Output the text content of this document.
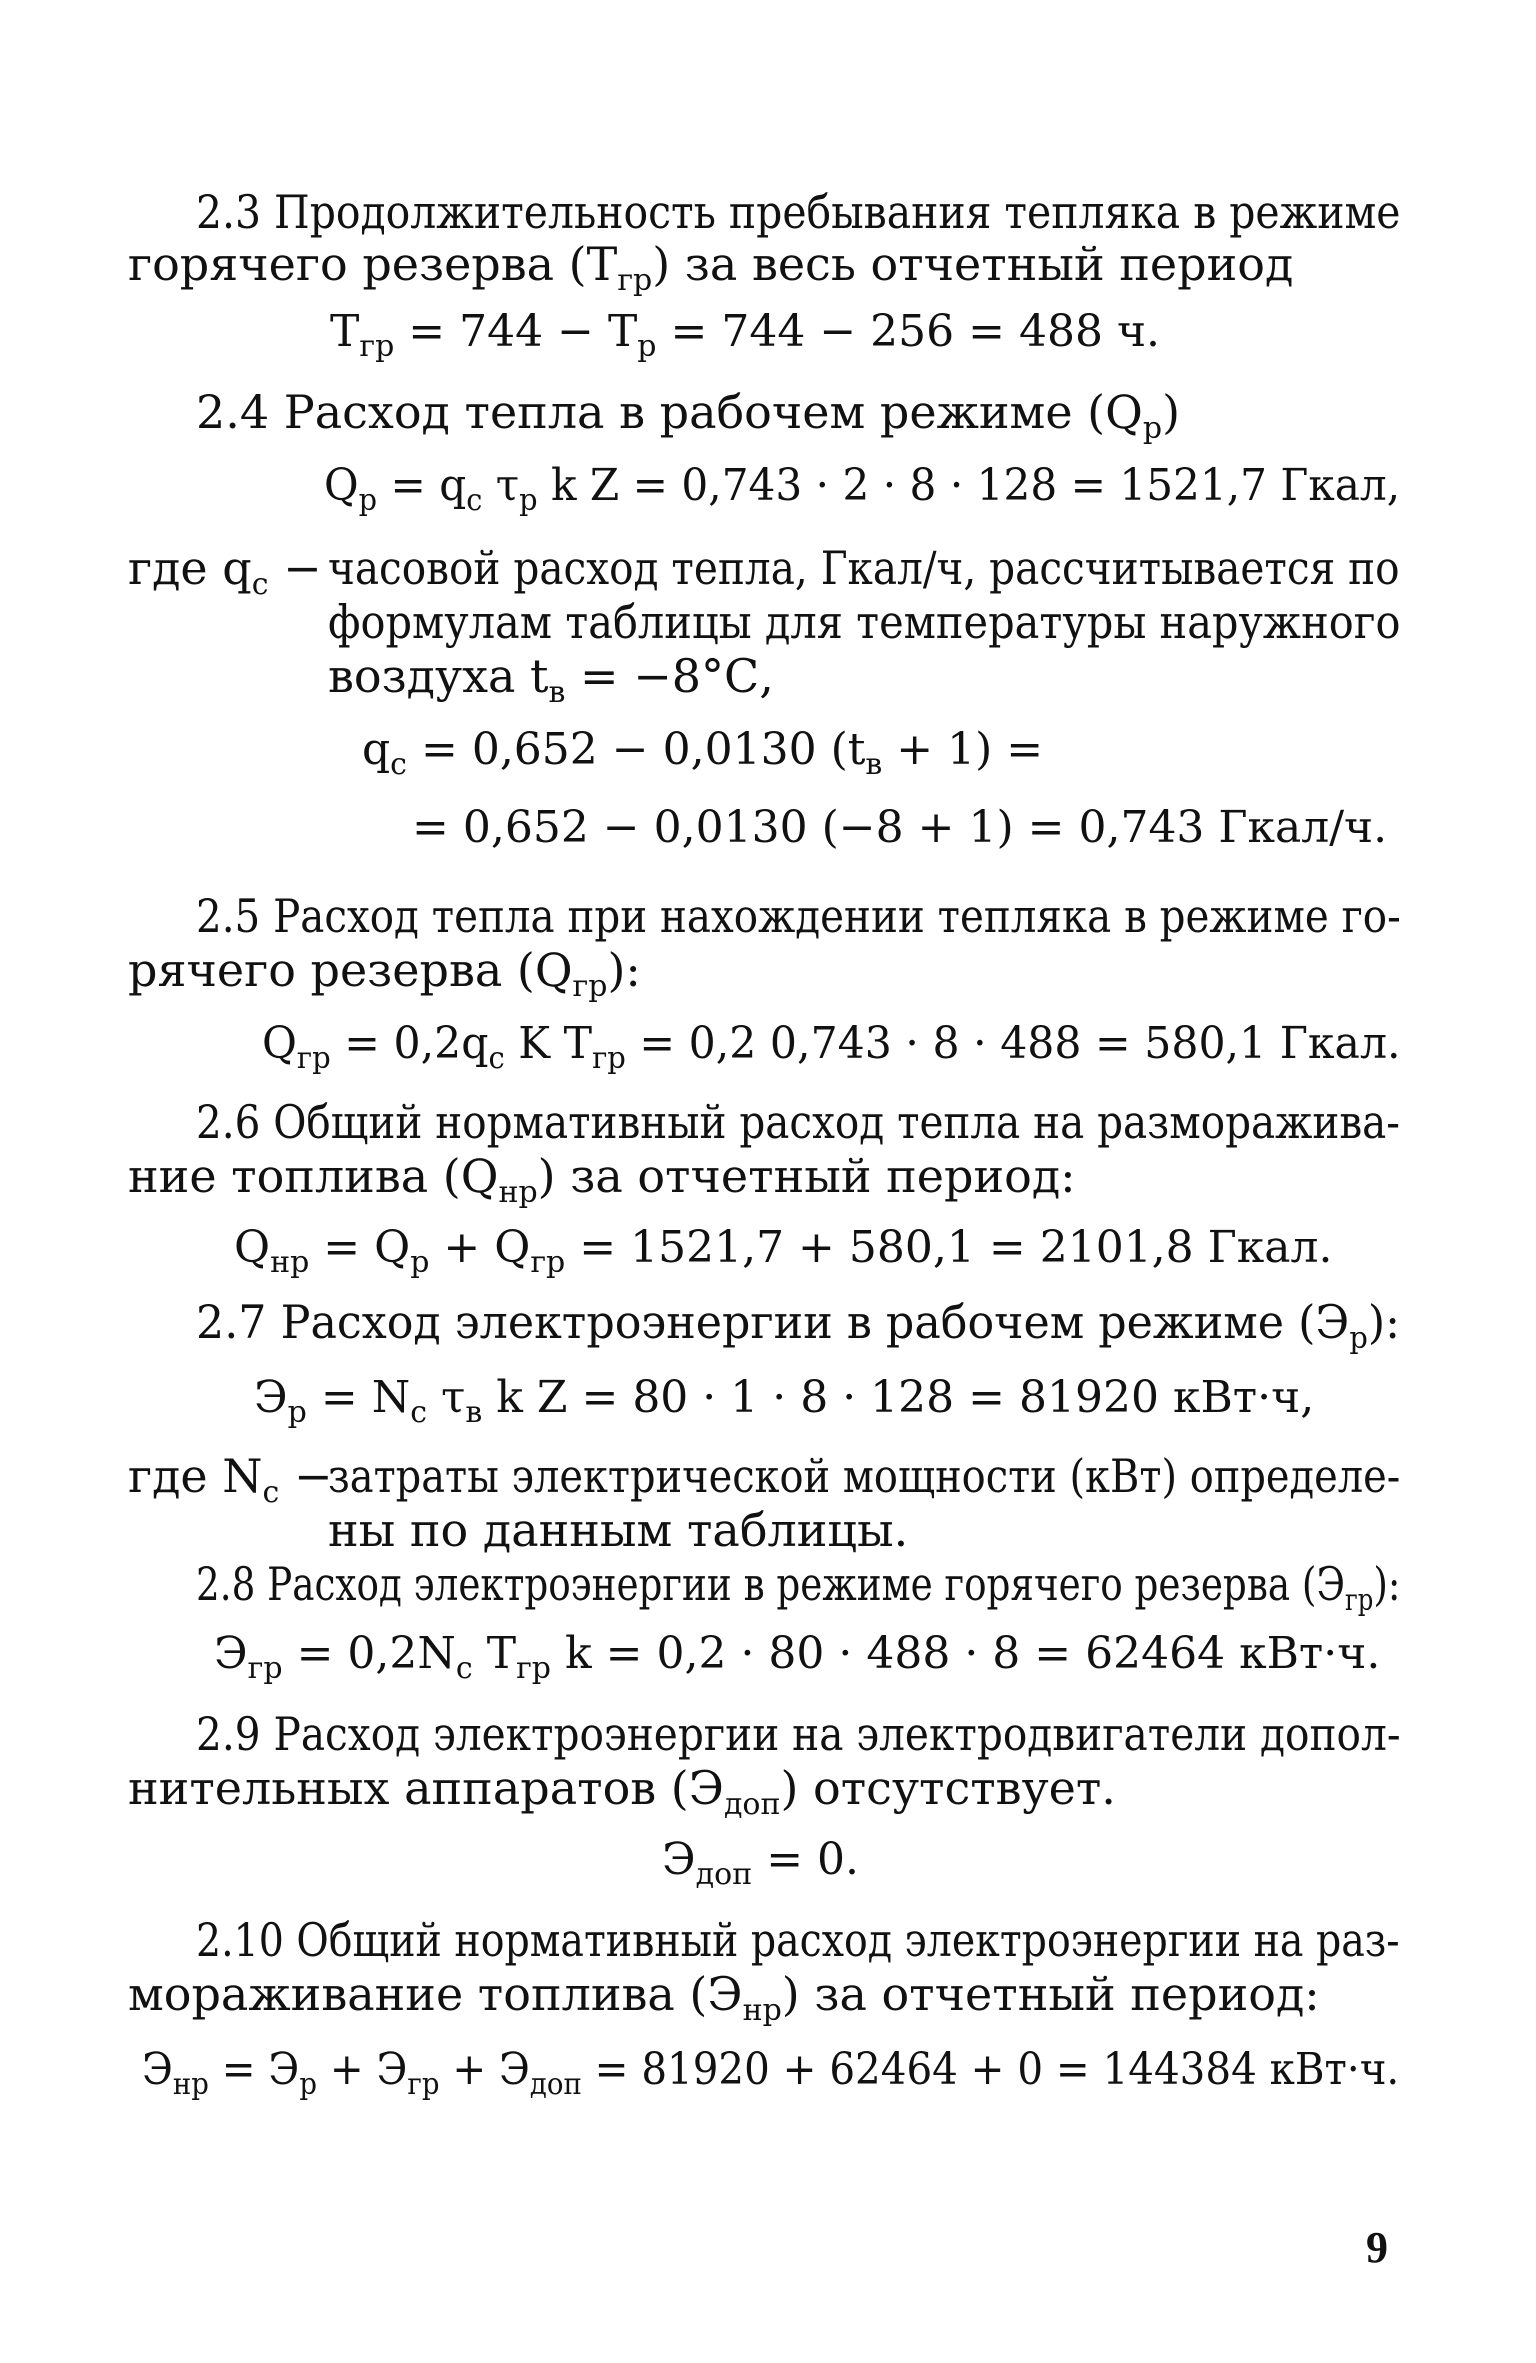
2.3 Продолжительность пребывания тепляка в режиме
горячего резерва $(Т_{гр})$ за весь отчетный период
$Т_{гр} = 744 - Т_р = 744 - 256 = 488$ ч.
2.4 Расход тепла в рабочем режиме $(Q_р)$
$Q_р = q_с$ $\tau_р$ k Z = 0,743 · 2 · 8 · 128 = 1521,7 Гкал,
где $q_с$ − часовой расход тепла, Гкал/ч, рассчитывается по
формулам таблицы для температуры наружного
воздуха $t_в = -8^\circ С$,
$q_с = 0,652 - 0,0130$ $(t_в + 1)$ =
= 0,652 − 0,0130 (−8 + 1) = 0,743 Гкал/ч.
2.5 Расход тепла при нахождении тепляка в режиме го-
рячего резерва $(Q_{гр})$:
$Q_{гр} = 0,2q_с$ K $T_{гр} = 0,2$ 0,743 · 8 · 488 = 580,1 Гкал.
2.6 Общий нормативный расход тепла на разморажива-
ние топлива $(Q_{нр})$ за отчетный период:
$Q_{нр} = Q_р + Q_{гр} = 1521,7 + 580,1 = 2101,8$ Гкал.
2.7 Расход электроэнергии в рабочем режиме $(Э_р)$:
$Э_р = N_с$ $\tau_в$ k Z = 80 · 1 · 8 · 128 = 81920 кВт·ч,
где $N_с$ −
затраты электрической мощности (кВт) определе-
ны по данным таблицы.
2.8 Расход электроэнергии в режиме горячего резерва $(Э_{гр})$:
$Э_{гр} = 0,2N_с$ $T_{гр}$ k = 0,2 · 80 · 488 · 8 = 62464 кВт·ч.
2.9 Расход электроэнергии на электродвигатели допол-
нительных аппаратов $(Э_{доп})$ отсутствует.
$Э_{доп} = 0$.
2.10 Общий нормативный расход электроэнергии на раз-
мораживание топлива $(Э_{нр})$ за отчетный период:
$Э_{нр} = Э_р + Э_{гр} + Э_{доп} = 81920 + 62464 + 0 = 144384$ кВт·ч.
9
